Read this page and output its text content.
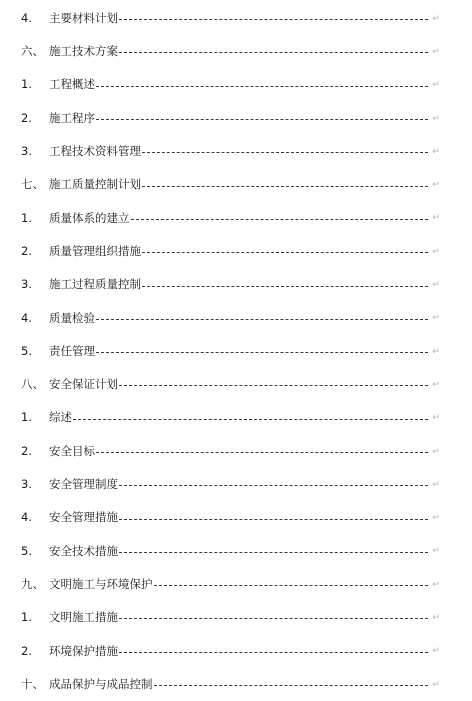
4.	主要材料计划	↵
六、 施工技术方案	↵
1.	工程概述	↵
2.	施工程序	↵
3.	工程技术资料管理	↵
七、 施工质量控制计划	↵
1.	质量体系的建立	↵
2.	质量管理组织措施	↵
3.	施工过程质量控制	↵
4.	质量检验	↵
5.	责任管理	↵
八、 安全保证计划	↵
1.	综述	↵
2.	安全目标	↵
3.	安全管理制度	↵
4.	安全管理措施	↵
5.	安全技术措施	↵
九、 文明施工与环境保护	↵
1.	文明施工措施	↵
2.	环境保护措施	↵
十、 成品保护与成品控制	↵
